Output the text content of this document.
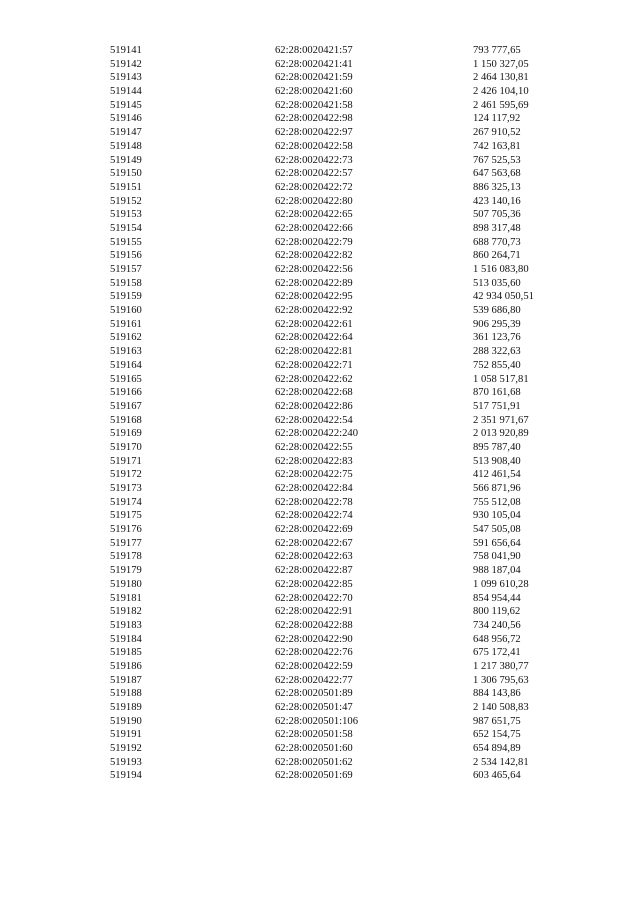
519141	62:28:0020421:57	793 777,65
519142	62:28:0020421:41	1 150 327,05
519143	62:28:0020421:59	2 464 130,81
519144	62:28:0020421:60	2 426 104,10
519145	62:28:0020421:58	2 461 595,69
519146	62:28:0020422:98	124 117,92
519147	62:28:0020422:97	267 910,52
519148	62:28:0020422:58	742 163,81
519149	62:28:0020422:73	767 525,53
519150	62:28:0020422:57	647 563,68
519151	62:28:0020422:72	886 325,13
519152	62:28:0020422:80	423 140,16
519153	62:28:0020422:65	507 705,36
519154	62:28:0020422:66	898 317,48
519155	62:28:0020422:79	688 770,73
519156	62:28:0020422:82	860 264,71
519157	62:28:0020422:56	1 516 083,80
519158	62:28:0020422:89	513 035,60
519159	62:28:0020422:95	42 934 050,51
519160	62:28:0020422:92	539 686,80
519161	62:28:0020422:61	906 295,39
519162	62:28:0020422:64	361 123,76
519163	62:28:0020422:81	288 322,63
519164	62:28:0020422:71	752 855,40
519165	62:28:0020422:62	1 058 517,81
519166	62:28:0020422:68	870 161,68
519167	62:28:0020422:86	517 751,91
519168	62:28:0020422:54	2 351 971,67
519169	62:28:0020422:240	2 013 920,89
519170	62:28:0020422:55	895 787,40
519171	62:28:0020422:83	513 908,40
519172	62:28:0020422:75	412 461,54
519173	62:28:0020422:84	566 871,96
519174	62:28:0020422:78	755 512,08
519175	62:28:0020422:74	930 105,04
519176	62:28:0020422:69	547 505,08
519177	62:28:0020422:67	591 656,64
519178	62:28:0020422:63	758 041,90
519179	62:28:0020422:87	988 187,04
519180	62:28:0020422:85	1 099 610,28
519181	62:28:0020422:70	854 954,44
519182	62:28:0020422:91	800 119,62
519183	62:28:0020422:88	734 240,56
519184	62:28:0020422:90	648 956,72
519185	62:28:0020422:76	675 172,41
519186	62:28:0020422:59	1 217 380,77
519187	62:28:0020422:77	1 306 795,63
519188	62:28:0020501:89	884 143,86
519189	62:28:0020501:47	2 140 508,83
519190	62:28:0020501:106	987 651,75
519191	62:28:0020501:58	652 154,75
519192	62:28:0020501:60	654 894,89
519193	62:28:0020501:62	2 534 142,81
519194	62:28:0020501:69	603 465,64
